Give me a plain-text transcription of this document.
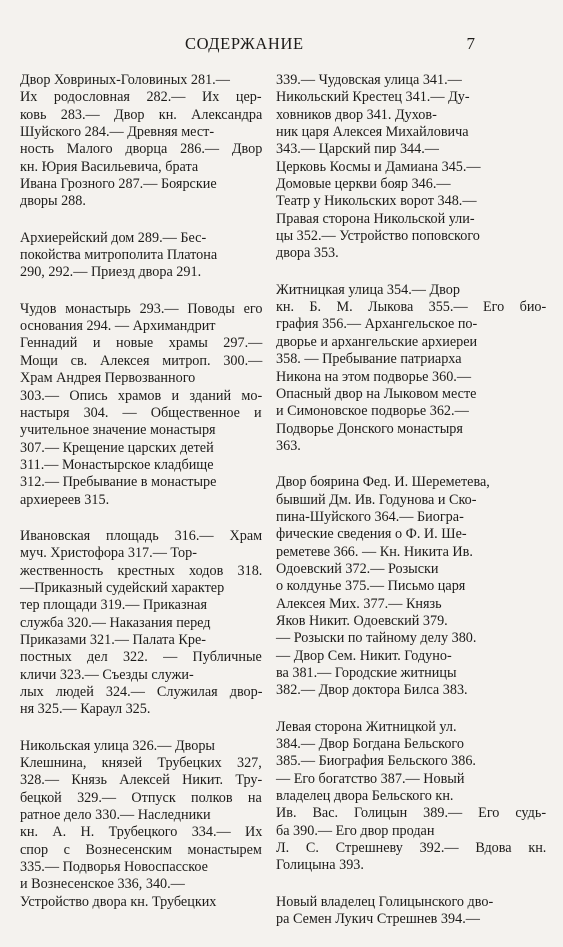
СОДЕРЖАНИЕ	7
Двор Ховриных-Головиных 281.—
Их родословная 282.— Их цер-
ковь 283.— Двор кн. Александра
Шуйского 284.— Древняя мест-
ность Малого дворца 286.— Двор
кн. Юрия Васильевича, брата
Ивана Грозного 287.— Боярские
дворы 288.
Архиерейский дом 289.— Бес-
покойства митрополита Платона
290, 292.— Приезд двора 291.
Чудов монастырь 293.— Поводы его
основания 294. — Архимандрит
Геннадий и новые храмы 297.—
Мощи св. Алексея митроп. 300.—
Храм Андрея Первозванного
303.— Опись храмов и зданий мо-
настыря 304. — Общественное и
учительное значение монастыря
307.— Крещение царских детей
311.— Монастырское кладбище
312.— Пребывание в монастыре
архиереев 315.
Ивановская площадь 316.— Храм
муч. Христофора 317.— Тор-
жественность крестных ходов 318.
—Приказный судейский характер
тер площади 319.— Приказная
служба 320.— Наказания перед
Приказами 321.— Палата Кре-
постных дел 322. — Публичные
кличи 323.— Съезды служи-
лых людей 324.— Служилая двор-
ня 325.— Караул 325.
Никольская улица 326.— Дворы
Клешнина, князей Трубецких 327,
328.— Князь Алексей Никит. Тру-
бецкой 329.— Отпуск полков на
ратное дело 330.— Наследники
кн. А. Н. Трубецкого 334.— Их
спор с Вознесенским монастырем
335.— Подворья Новоспасское
и Вознесенское 336, 340.—
Устройство двора кн. Трубецких
339.— Чудовская улица 341.—
Никольский Крестец 341.— Ду-
ховников двор 341. Духов-
ник царя Алексея Михайловича
343.— Царский пир 344.—
Церковь Космы и Дамиана 345.—
Домовые церкви бояр 346.—
Театр у Никольских ворот 348.—
Правая сторона Никольской ули-
цы 352.— Устройство поповского
двора 353.
Житницкая улица 354.— Двор
кн. Б. М. Лыкова 355.— Его био-
графия 356.— Архангельское по-
дворье и архангельские архиереи
358. — Пребывание патриарха
Никона на этом подворье 360.—
Опасный двор на Лыковом месте
и Симоновское подворье 362.—
Подворье Донского монастыря
363.
Двор боярина Фед. И. Шереметева,
бывший Дм. Ив. Годунова и Ско-
пина-Шуйского 364.— Биогра-
фические сведения о Ф. И. Ше-
реметеве 366. — Кн. Никита Ив.
Одоевский 372.— Розыски
о колдунье 375.— Письмо царя
Алексея Мих. 377.— Князь
Яков Никит. Одоевский 379.
— Розыски по тайному делу 380.
— Двор Сем. Никит. Годуно-
ва 381.— Городские житницы
382.— Двор доктора Билса 383.
Левая сторона Житницкой ул.
384.— Двор Богдана Бельского
385.— Биография Бельского 386.
— Его богатство 387.— Новый
владелец двора Бельского кн.
Ив. Вас. Голицын 389.— Его судь-
ба 390.— Его двор продан
Л. С. Стрешневу 392.— Вдова кн.
Голицына 393.
Новый владелец Голицынского дво-
ра Семен Лукич Стрешнев 394.—
